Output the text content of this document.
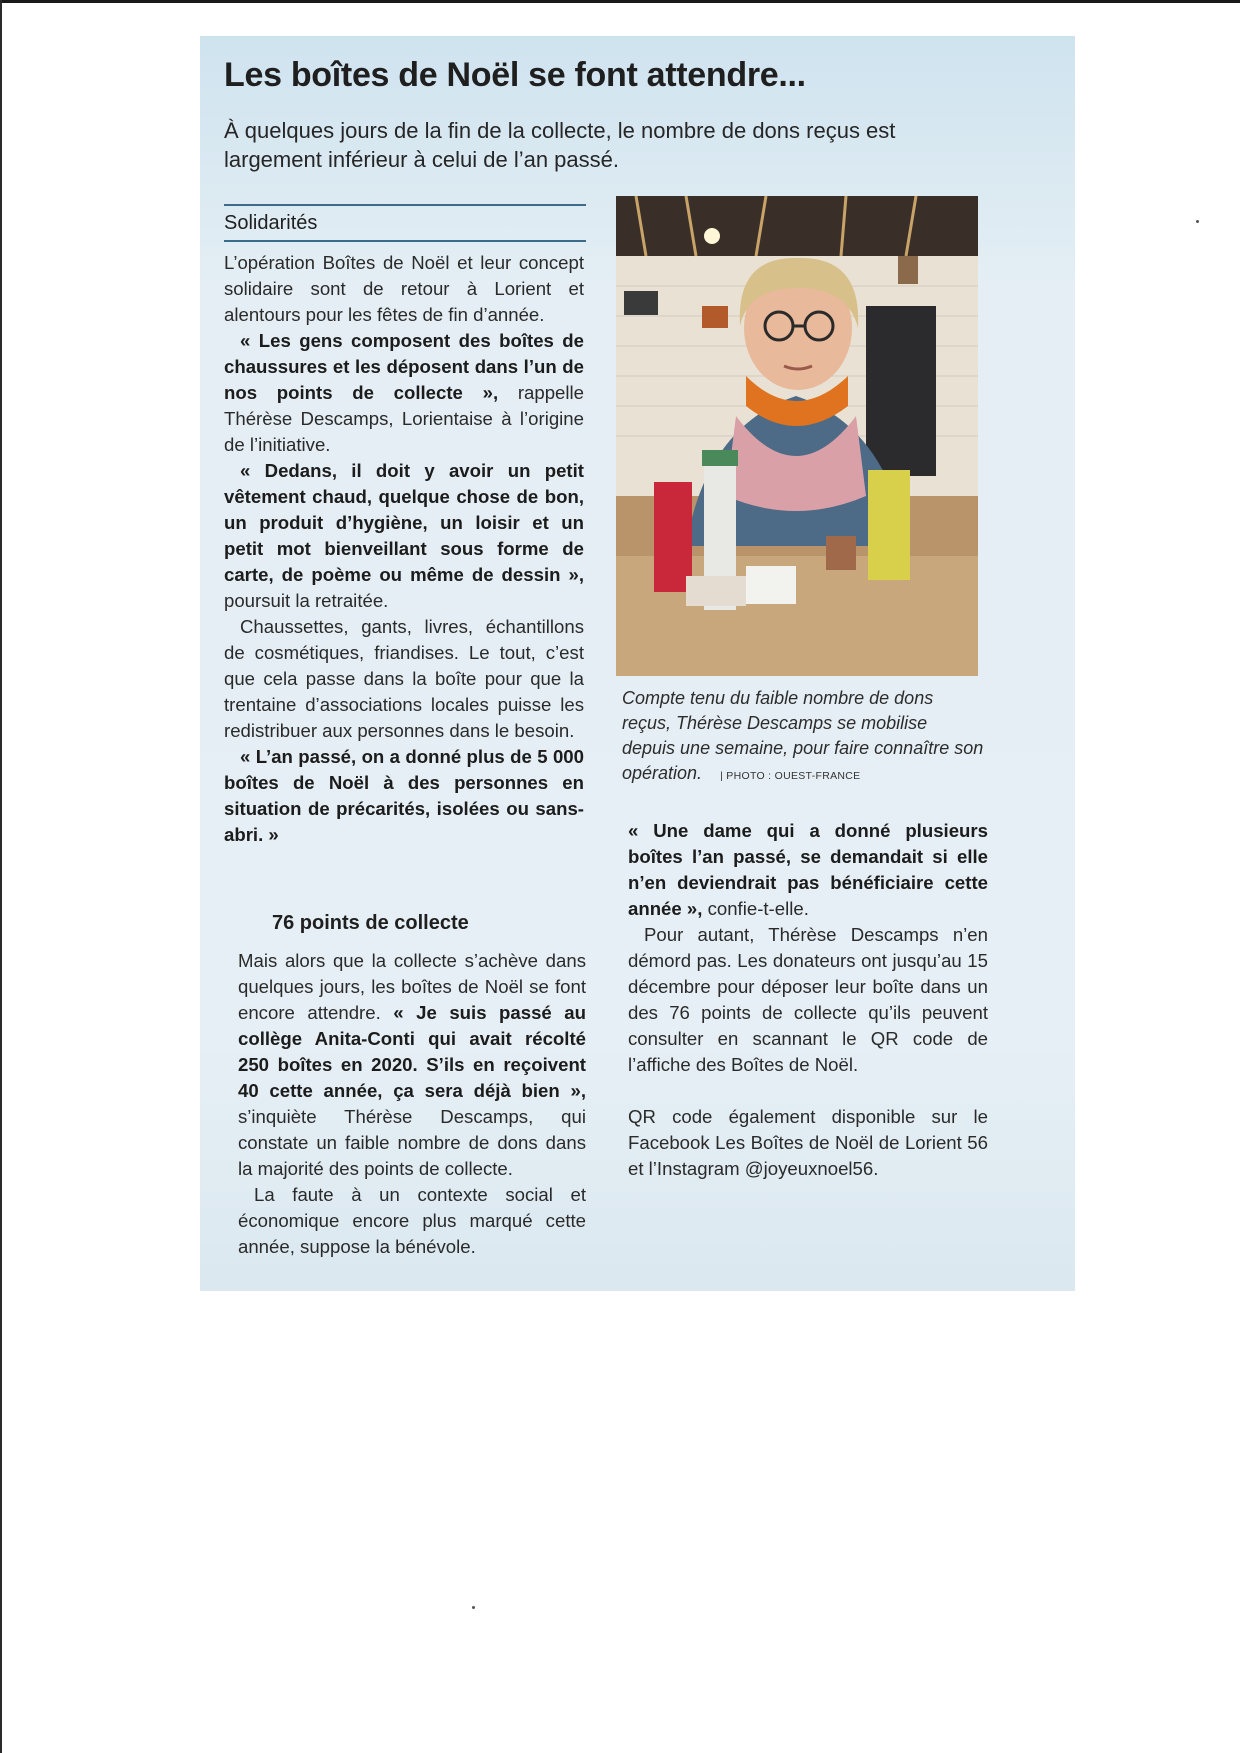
Les boîtes de Noël se font attendre...

À quelques jours de la fin de la collecte, le nombre de dons reçus est largement inférieur à celui de l’an passé.

Solidarités

L’opération Boîtes de Noël et leur concept solidaire sont de retour à Lorient et alentours pour les fêtes de fin d’année.

« Les gens composent des boîtes de chaussures et les déposent dans l’un de nos points de collecte », rappelle Thérèse Descamps, Lorientaise à l’origine de l’initiative.

« Dedans, il doit y avoir un petit vêtement chaud, quelque chose de bon, un produit d’hygiène, un loisir et un petit mot bienveillant sous forme de carte, de poème ou même de dessin », poursuit la retraitée.

Chaussettes, gants, livres, échantillons de cosmétiques, friandises. Le tout, c’est que cela passe dans la boîte pour que la trentaine d’associations locales puisse les redistribuer aux personnes dans le besoin.

« L’an passé, on a donné plus de 5 000 boîtes de Noël à des personnes en situation de précarités, isolées ou sans-abri. »

76 points de collecte

Mais alors que la collecte s’achève dans quelques jours, les boîtes de Noël se font encore attendre. « Je suis passé au collège Anita-Conti qui avait récolté 250 boîtes en 2020. S’ils en reçoivent 40 cette année, ça sera déjà bien », s’inquiète Thérèse Descamps, qui constate un faible nombre de dons dans la majorité des points de collecte.

La faute à un contexte social et économique encore plus marqué cette année, suppose la bénévole.

Compte tenu du faible nombre de dons reçus, Thérèse Descamps se mobilise depuis une semaine, pour faire connaître son opération. | PHOTO : OUEST-FRANCE

« Une dame qui a donné plusieurs boîtes l’an passé, se demandait si elle n’en deviendrait pas bénéficiaire cette année », confie-t-elle.

Pour autant, Thérèse Descamps n’en démord pas. Les donateurs ont jusqu’au 15 décembre pour déposer leur boîte dans un des 76 points de collecte qu’ils peuvent consulter en scannant le QR code de l’affiche des Boîtes de Noël.

QR code également disponible sur le Facebook Les Boîtes de Noël de Lorient 56 et l’Instagram @joyeuxnoel56.
